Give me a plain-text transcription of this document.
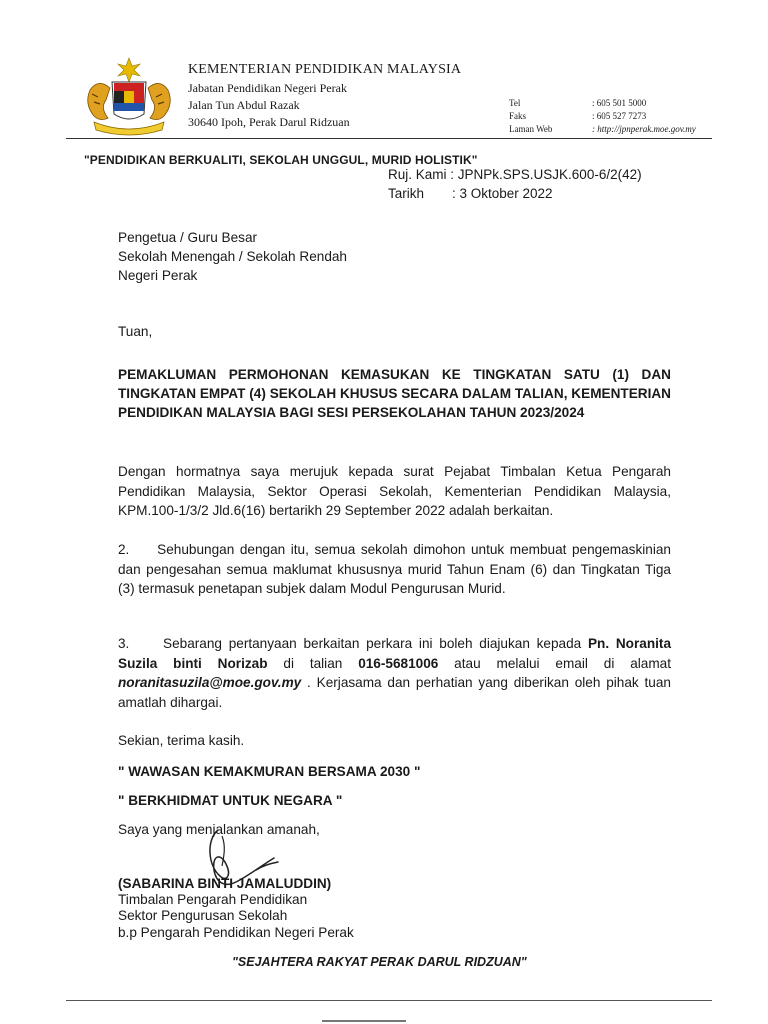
KEMENTERIAN PENDIDIKAN MALAYSIA
Jabatan Pendidikan Negeri Perak
Jalan Tun Abdul Razak
30640 Ipoh, Perak Darul Ridzuan
Tel	: 605 501 5000
Faks	: 605 527 7273
Laman Web	: http://jpnperak.moe.gov.my
"PENDIDIKAN BERKUALITI, SEKOLAH UNGGUL, MURID HOLISTIK"
Ruj. Kami : JPNPk.SPS.USJK.600-6/2(42)
Tarikh : 3 Oktober 2022
Pengetua / Guru Besar
Sekolah Menengah / Sekolah Rendah
Negeri Perak
Tuan,
PEMAKLUMAN PERMOHONAN KEMASUKAN KE TINGKATAN SATU (1) DAN TINGKATAN EMPAT (4) SEKOLAH KHUSUS SECARA DALAM TALIAN, KEMENTERIAN PENDIDIKAN MALAYSIA BAGI SESI PERSEKOLAHAN TAHUN 2023/2024
Dengan hormatnya saya merujuk kepada surat Pejabat Timbalan Ketua Pengarah Pendidikan Malaysia, Sektor Operasi Sekolah, Kementerian Pendidikan Malaysia, KPM.100-1/3/2 Jld.6(16) bertarikh 29 September 2022 adalah berkaitan.
2.     Sehubungan dengan itu, semua sekolah dimohon untuk membuat pengemaskinian dan pengesahan semua maklumat khususnya murid Tahun Enam (6) dan Tingkatan Tiga (3) termasuk penetapan subjek dalam Modul Pengurusan Murid.
3.     Sebarang pertanyaan berkaitan perkara ini boleh diajukan kepada Pn. Noranita Suzila binti Norizab di talian 016-5681006 atau melalui email di alamat noranitasuzila@moe.gov.my . Kerjasama dan perhatian yang diberikan oleh pihak tuan amatlah dihargai.
Sekian, terima kasih.
" WAWASAN KEMAKMURAN BERSAMA 2030 "
" BERKHIDMAT UNTUK NEGARA "
Saya yang menjalankan amanah,
(SABARINA BINTI JAMALUDDIN)
Timbalan Pengarah Pendidikan
Sektor Pengurusan Sekolah
b.p Pengarah Pendidikan Negeri Perak
"SEJAHTERA RAKYAT PERAK DARUL RIDZUAN"
